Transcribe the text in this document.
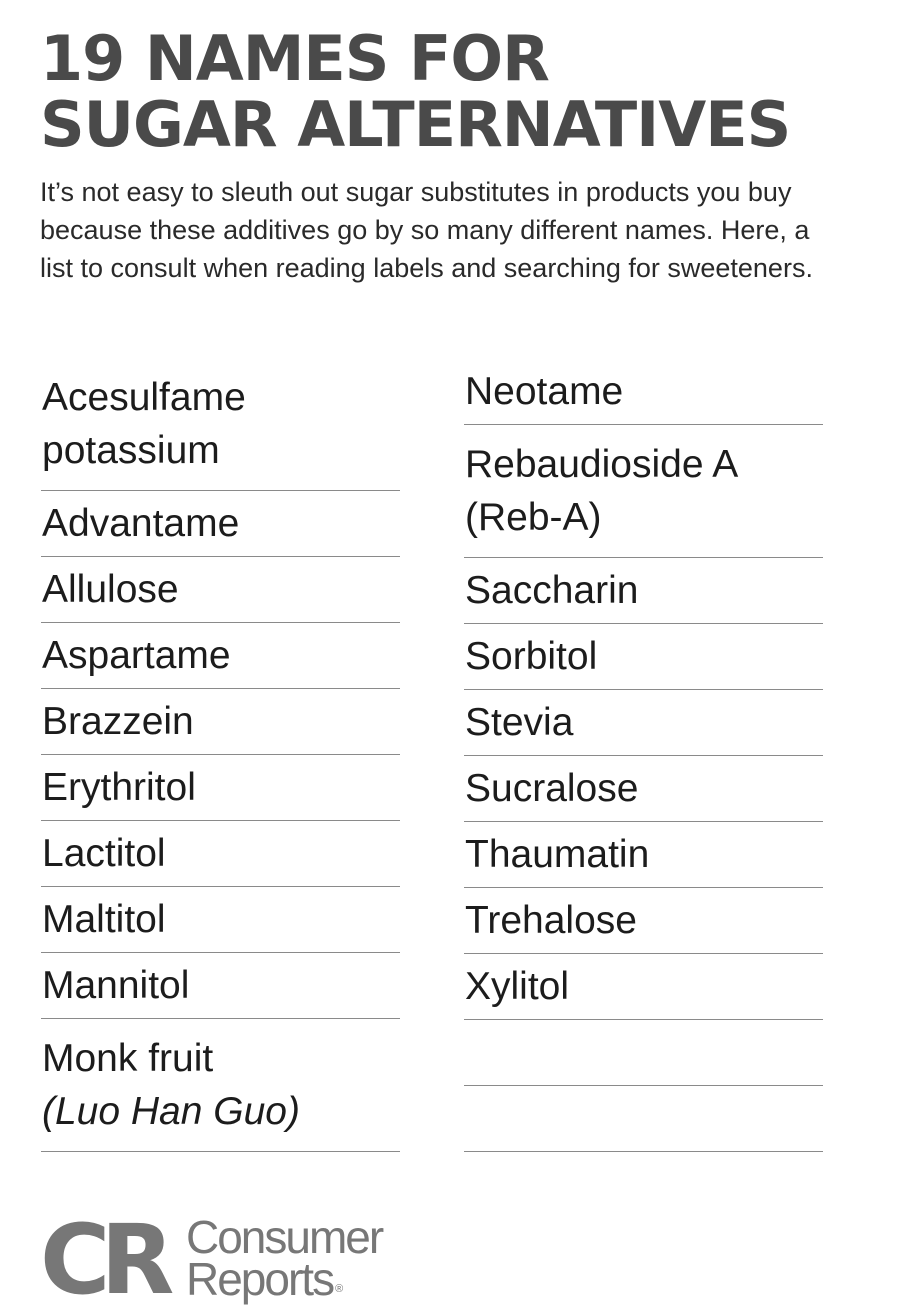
19 NAMES FOR
SUGAR ALTERNATIVES

It’s not easy to sleuth out sugar substitutes in products you buy because these additives go by so many different names. Here, a list to consult when reading labels and searching for sweeteners.

Acesulfame
potassium
Advantame
Allulose
Aspartame
Brazzein
Erythritol
Lactitol
Maltitol
Mannitol
Monk fruit
(Luo Han Guo)
Neotame
Rebaudioside A
(Reb-A)
Saccharin
Sorbitol
Stevia
Sucralose
Thaumatin
Trehalose
Xylitol
CR Consumer
Reports ®
